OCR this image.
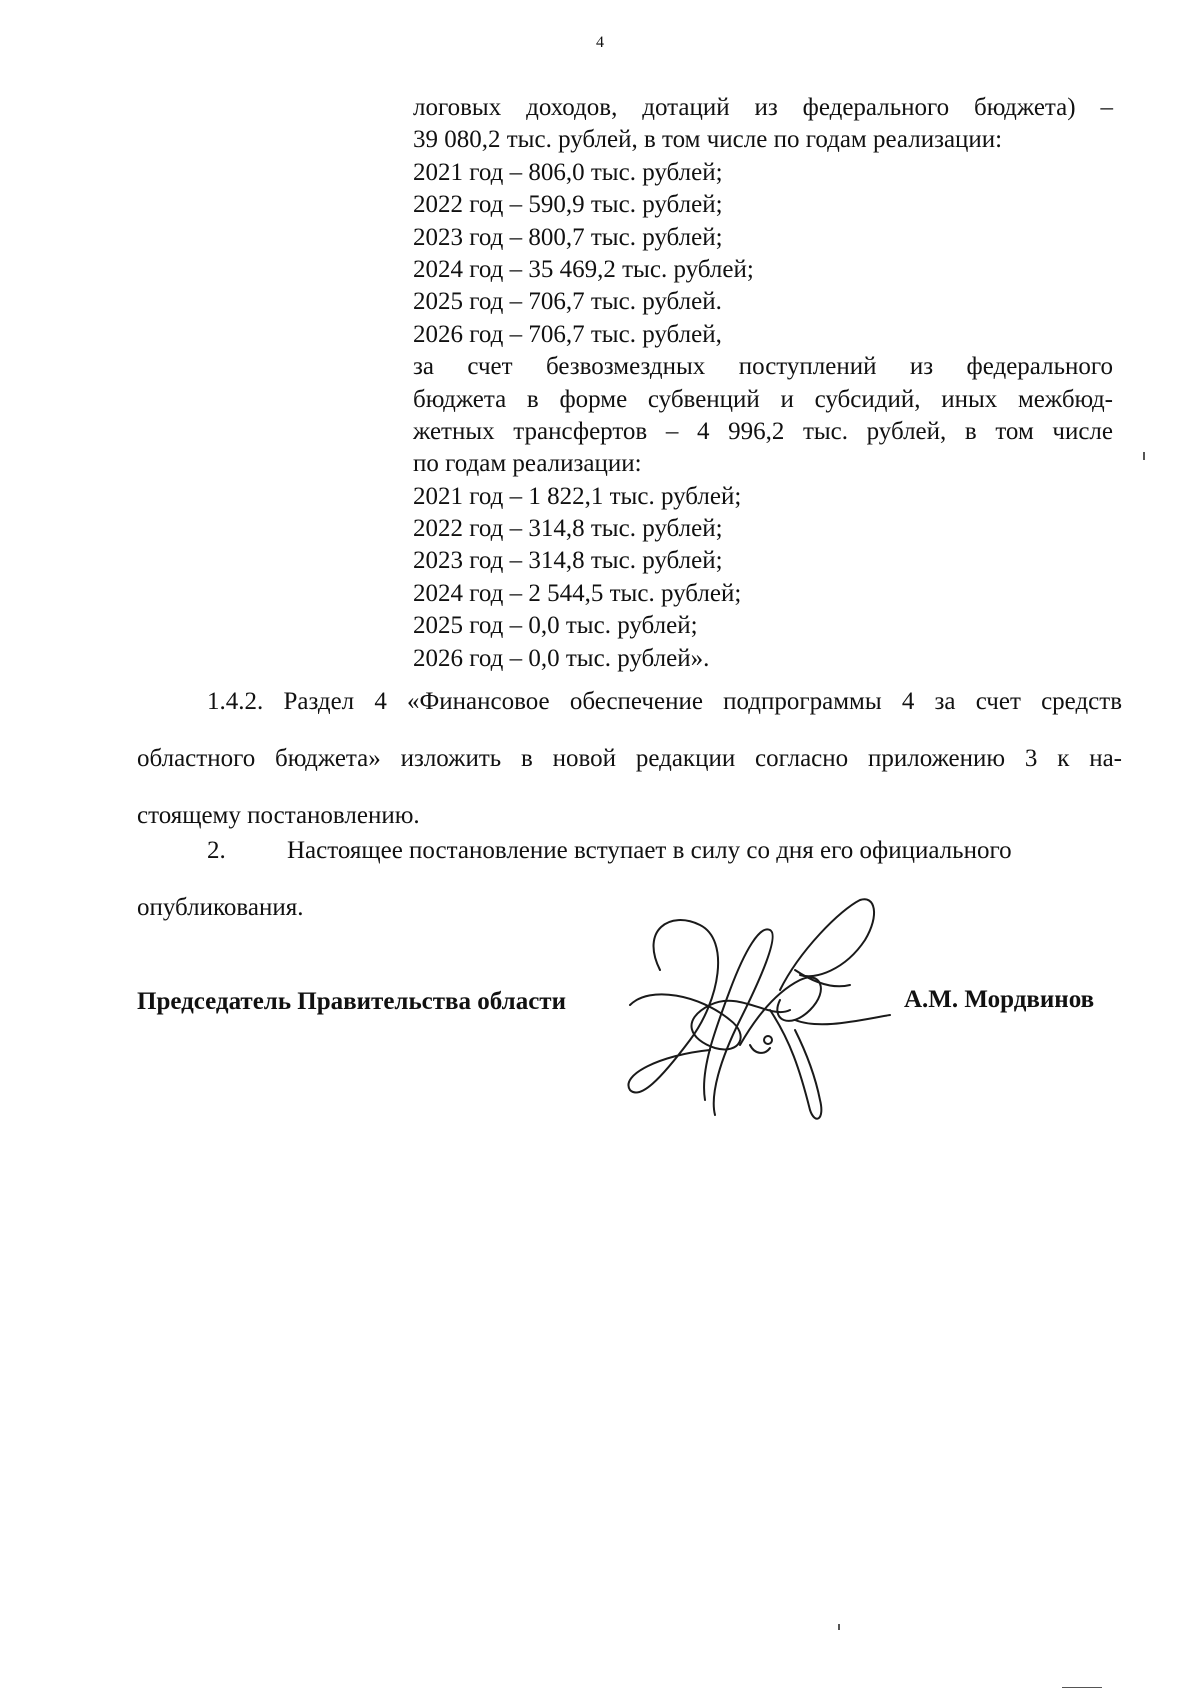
4
логовых доходов, дотаций из федерального бюджета) –
39 080,2 тыс. рублей, в том числе по годам реализации:
2021 год – 806,0 тыс. рублей;
2022 год – 590,9 тыс. рублей;
2023 год – 800,7 тыс. рублей;
2024 год – 35 469,2 тыс. рублей;
2025 год – 706,7 тыс. рублей.
2026 год – 706,7 тыс. рублей,
за счет безвозмездных поступлений из федерального
бюджета в форме субвенций и субсидий, иных межбюд-
жетных трансфертов – 4 996,2 тыс. рублей, в том числе
по годам реализации:
2021 год – 1 822,1 тыс. рублей;
2022 год – 314,8 тыс. рублей;
2023 год – 314,8 тыс. рублей;
2024 год – 2 544,5 тыс. рублей;
2025 год – 0,0 тыс. рублей;
2026 год – 0,0 тыс. рублей».
1.4.2. Раздел 4 «Финансовое обеспечение подпрограммы 4 за счет средств
областного бюджета» изложить в новой редакции согласно приложению 3 к на-
стоящему постановлению.
2. Настоящее постановление вступает в силу со дня его официального
опубликования.
Председатель Правительства области	А.М. Мордвинов
